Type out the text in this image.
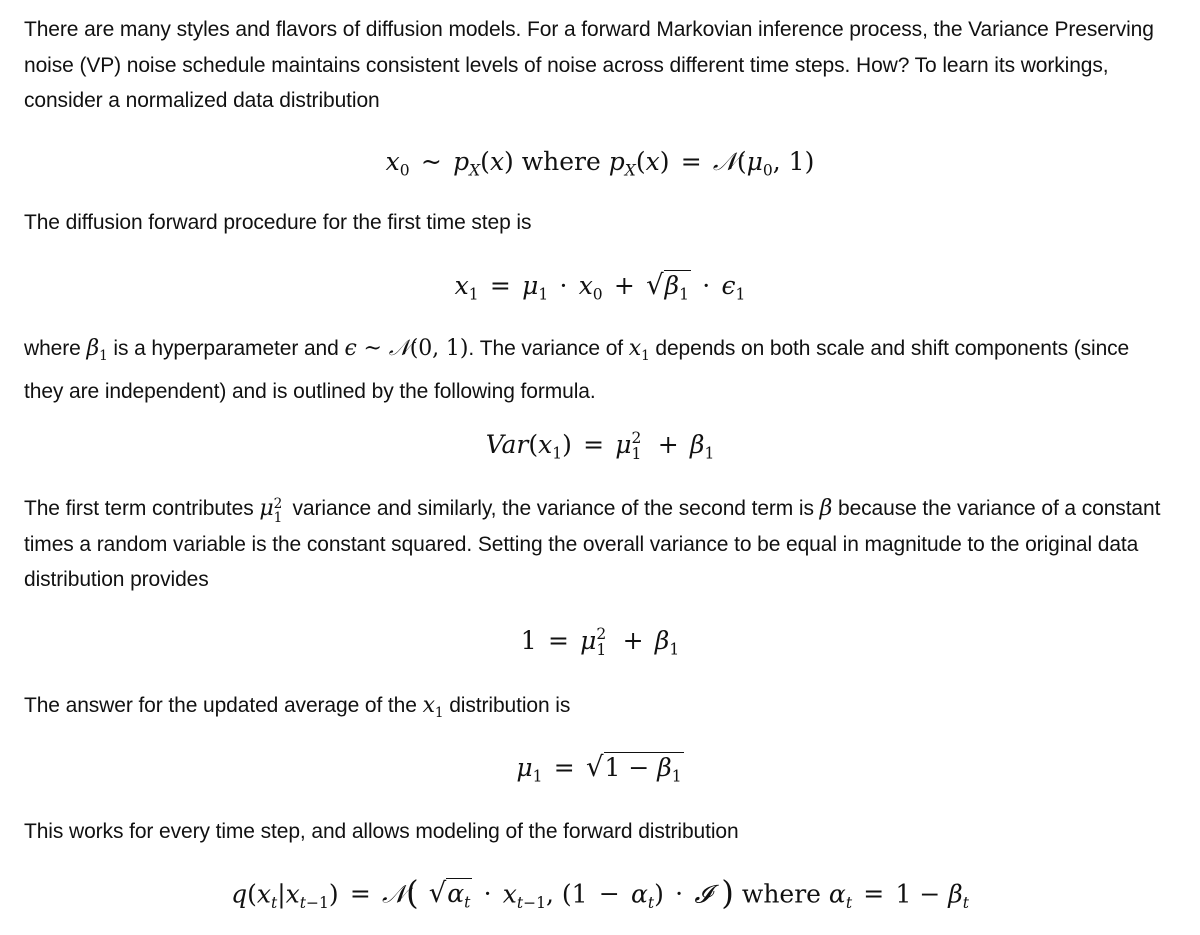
There are many styles and flavors of diffusion models. For a forward Markovian inference process, the Variance Preserving noise (VP) noise schedule maintains consistent levels of noise across different time steps. How? To learn its workings, consider a normalized data distribution

$x_0$ ~ $p_X(x)$ where $p_X(x)$ = $𝒩(\mu_0$, 1)

The diffusion forward procedure for the first time step is

$x_1 = \mu_1 \cdot x_0 + √\beta_1 \cdot \epsilon_1$

where $\beta_1$ is a hyperparameter and ϵ ~ 𝒩(0, 1). The variance of $x_1$ depends on both scale and shift components (since they are independent) and is outlined by the following formula.

$Var(x_1) = \mu$ 2
$1 + \beta_1$

The first term contributes μ 2
1 variance and similarly, the variance of the second term is β because the variance of a constant times a random variable is the constant squared. Setting the overall variance to be equal in magnitude to the original data distribution provides

1 = μ 2
$1 + \beta_1$

The answer for the updated average of the $x_1$ distribution is

$\mu_1 = √1 - \beta_1$

This works for every time step, and allows modeling of the forward distribution

$q(x_t|x_{t-1})$ = 𝒩( $√\alpha_t \cdot x_{t-1}$, $(1 - \alpha_t)$ · 𝓘 ) where $\alpha_t = 1 - \beta_t$
